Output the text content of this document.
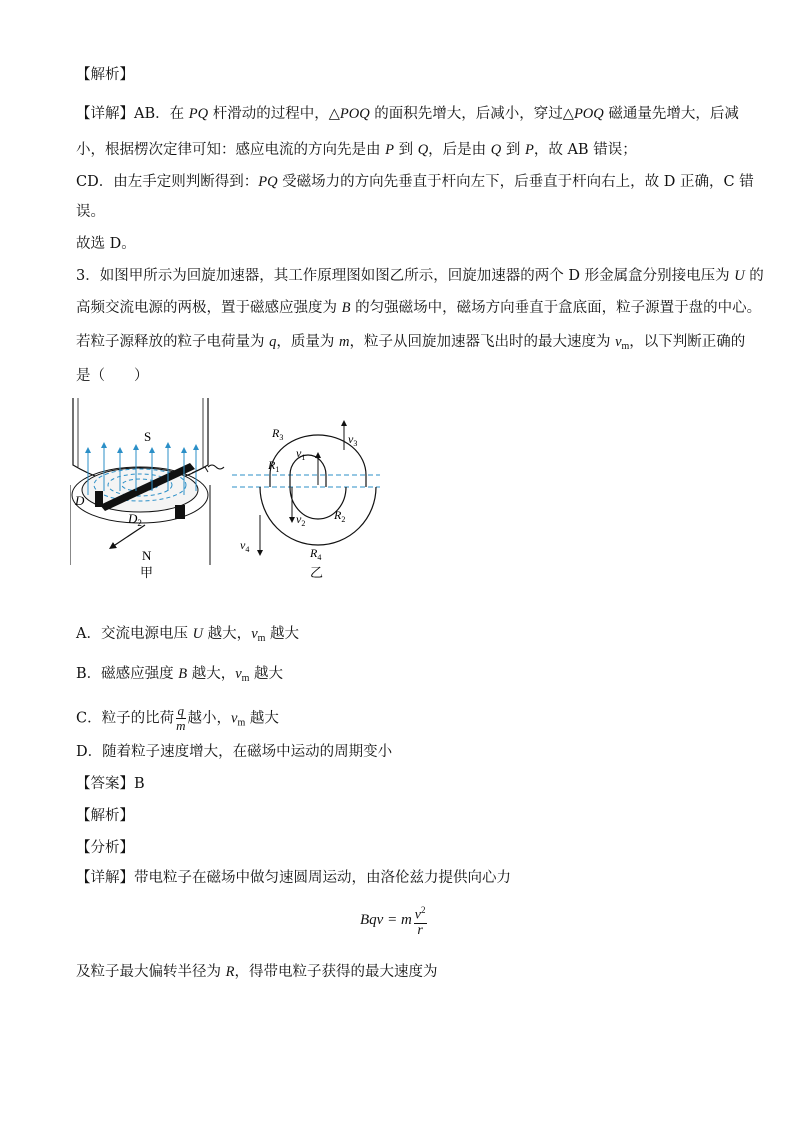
【解析】
【详解】AB．在 PQ 杆滑动的过程中，△POQ 的面积先增大，后减小，穿过△POQ 磁通量先增大，后减
小，根据楞次定律可知：感应电流的方向先是由 P 到 Q，后是由 Q 到 P，故 AB 错误；
CD．由左手定则判断得到：PQ 受磁场力的方向先垂直于杆向左下，后垂直于杆向右上，故 D 正确，C 错
误。
故选 D。
3．如图甲所示为回旋加速器，其工作原理图如图乙所示，回旋加速器的两个 D 形金属盒分别接电压为 U 的
高频交流电源的两极，置于磁感应强度为 B 的匀强磁场中，磁场方向垂直于盒底面，粒子源置于盘的中心。
若粒子源释放的粒子电荷量为 q，质量为 m，粒子从回旋加速器飞出时的最大速度为 $v_m$，以下判断正确的
是（　　）
S
N
D
$D_2$
甲
$R_3$
$R_1$
$v_1$
$v_3$
$R_2$
$v_2$
$v_4$	$R_4$
乙
A．交流电源电压 U 越大，$v_m$ 越大
B．磁感应强度 B 越大，$v_m$ 越大
C．粒子的比荷 $\frac{q}{m}$ 越小，$v_m$ 越大
D．随着粒子速度增大，在磁场中运动的周期变小
【答案】B
【解析】
【分析】
【详解】带电粒子在磁场中做匀速圆周运动，由洛伦兹力提供向心力
Bqv = m $\frac{v^2}{r}$
及粒子最大偏转半径为 R，得带电粒子获得的最大速度为
